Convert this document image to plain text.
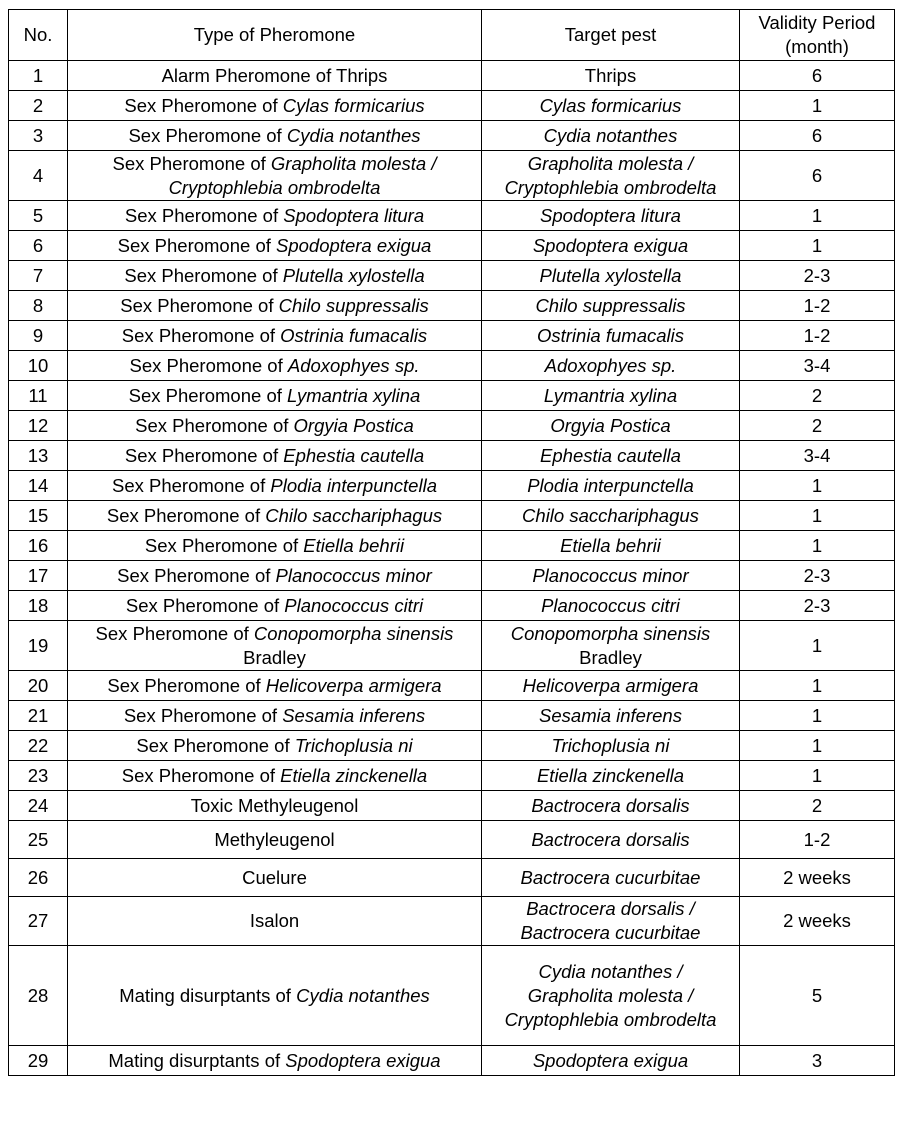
No.	Type of Pheromone	Target pest	Validity Period (month)
1	Alarm Pheromone of Thrips	Thrips	6
2	Sex Pheromone of Cylas formicarius	Cylas formicarius	1
3	Sex Pheromone of Cydia notanthes	Cydia notanthes	6
4	Sex Pheromone of Grapholita molesta / Cryptophlebia ombrodelta	Grapholita molesta / Cryptophlebia ombrodelta	6
5	Sex Pheromone of Spodoptera litura	Spodoptera litura	1
6	Sex Pheromone of Spodoptera exigua	Spodoptera exigua	1
7	Sex Pheromone of Plutella xylostella	Plutella xylostella	2-3
8	Sex Pheromone of Chilo suppressalis	Chilo suppressalis	1-2
9	Sex Pheromone of Ostrinia fumacalis	Ostrinia fumacalis	1-2
10	Sex Pheromone of Adoxophyes sp.	Adoxophyes sp.	3-4
11	Sex Pheromone of Lymantria xylina	Lymantria xylina	2
12	Sex Pheromone of Orgyia Postica	Orgyia Postica	2
13	Sex Pheromone of Ephestia cautella	Ephestia cautella	3-4
14	Sex Pheromone of Plodia interpunctella	Plodia interpunctella	1
15	Sex Pheromone of Chilo sacchariphagus	Chilo sacchariphagus	1
16	Sex Pheromone of Etiella behrii	Etiella behrii	1
17	Sex Pheromone of Planococcus minor	Planococcus minor	2-3
18	Sex Pheromone of Planococcus citri	Planococcus citri	2-3
19	Sex Pheromone of Conopomorpha sinensis Bradley	Conopomorpha sinensis Bradley	1
20	Sex Pheromone of Helicoverpa armigera	Helicoverpa armigera	1
21	Sex Pheromone of Sesamia inferens	Sesamia inferens	1
22	Sex Pheromone of Trichoplusia ni	Trichoplusia ni	1
23	Sex Pheromone of Etiella zinckenella	Etiella zinckenella	1
24	Toxic Methyleugenol	Bactrocera dorsalis	2
25	Methyleugenol	Bactrocera dorsalis	1-2
26	Cuelure	Bactrocera cucurbitae	2 weeks
27	Isalon	Bactrocera dorsalis / Bactrocera cucurbitae	2 weeks
28	Mating disurptants of Cydia notanthes	Cydia notanthes / Grapholita molesta / Cryptophlebia ombrodelta	5
29	Mating disurptants of Spodoptera exigua	Spodoptera exigua	3
